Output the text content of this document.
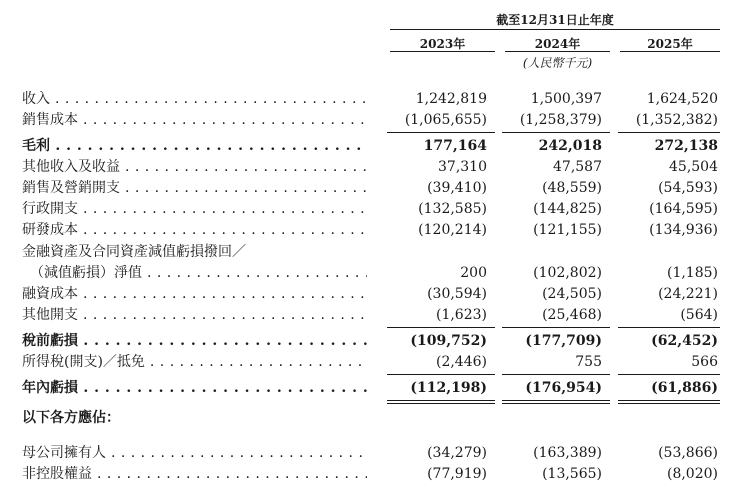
截至12月31日止年度
2023年	2024年	2025年
(人民幣千元)
收入 . . .	1,242,819	1,500,397	1,624,520
銷售成本 . . .	(1,065,655)	(1,258,379)	(1,352,382)
毛利 . . .	177,164	242,018	272,138
其他收入及收益 . . .	37,310	47,587	45,504
銷售及營銷開支 . . .	(39,410)	(48,559)	(54,593)
行政開支 . . .	(132,585)	(144,825)	(164,595)
研發成本 . . .	(120,214)	(121,155)	(134,936)
金融資產及合同資產減值虧損撥回／
（減值虧損）淨值 . . .	200	(102,802)	(1,185)
融資成本 . . .	(30,594)	(24,505)	(24,221)
其他開支 . . .	(1,623)	(25,468)	(564)
稅前虧損 . . .	(109,752)	(177,709)	(62,452)
所得稅(開支)／抵免 . . .	(2,446)	755	566
年內虧損 . . .	(112,198)	(176,954)	(61,886)
以下各方應佔：
母公司擁有人 . . .	(34,279)	(163,389)	(53,866)
非控股權益 . . .	(77,919)	(13,565)	(8,020)
